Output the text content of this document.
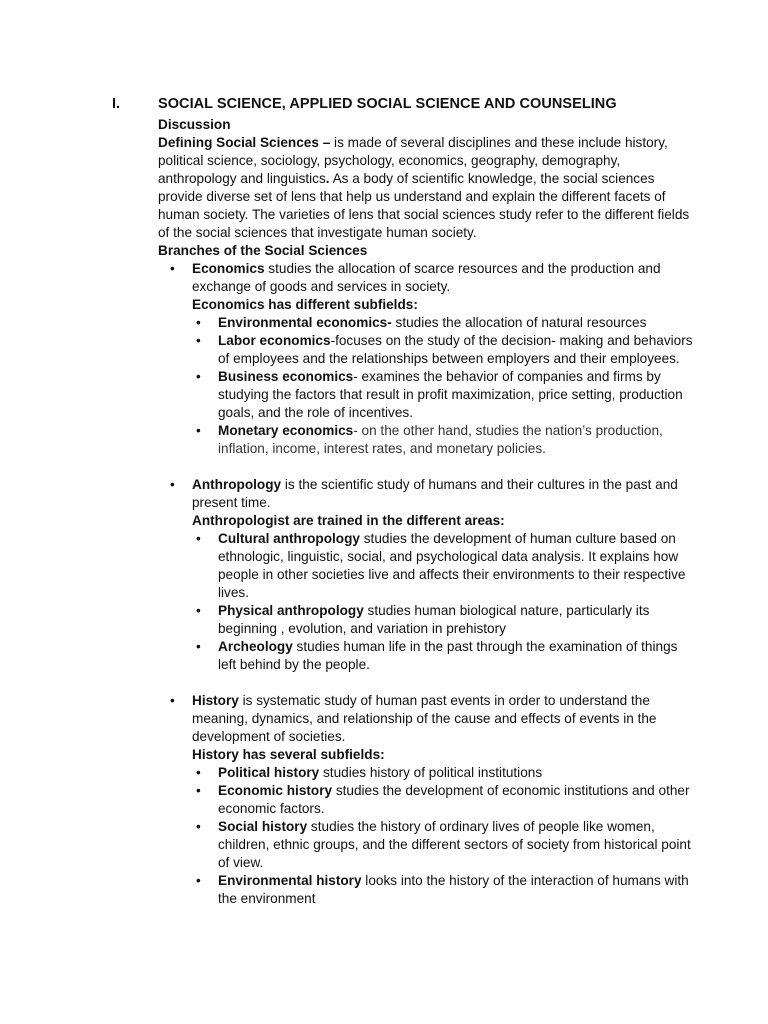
I.	SOCIAL SCIENCE, APPLIED SOCIAL SCIENCE AND COUNSELING

Discussion

Defining Social Sciences – is made of several disciplines and these include history, political science, sociology, psychology, economics, geography, demography, anthropology and linguistics. As a body of scientific knowledge, the social sciences provide diverse set of lens that help us understand and explain the different facets of human society. The varieties of lens that social sciences study refer to the different fields of the social sciences that investigate human society.

Branches of the Social Sciences

• Economics studies the allocation of scarce resources and the production and exchange of goods and services in society.
Economics has different subfields:
• Environmental economics- studies the allocation of natural resources
• Labor economics-focuses on the study of the decision- making and behaviors of employees and the relationships between employers and their employees.
• Business economics- examines the behavior of companies and firms by studying the factors that result in profit maximization, price setting, production goals, and the role of incentives.
• Monetary economics- on the other hand, studies the nation’s production, inflation, income, interest rates, and monetary policies.
• Anthropology is the scientific study of humans and their cultures in the past and present time.
Anthropologist are trained in the different areas:
• Cultural anthropology studies the development of human culture based on ethnologic, linguistic, social, and psychological data analysis. It explains how people in other societies live and affects their environments to their respective lives.
• Physical anthropology studies human biological nature, particularly its beginning , evolution, and variation in prehistory
• Archeology studies human life in the past through the examination of things left behind by the people.
• History is systematic study of human past events in order to understand the meaning, dynamics, and relationship of the cause and effects of events in the development of societies.
History has several subfields:
• Political history studies history of political institutions
• Economic history studies the development of economic institutions and other economic factors.
• Social history studies the history of ordinary lives of people like women, children, ethnic groups, and the different sectors of society from historical point of view.
• Environmental history looks into the history of the interaction of humans with the environment
